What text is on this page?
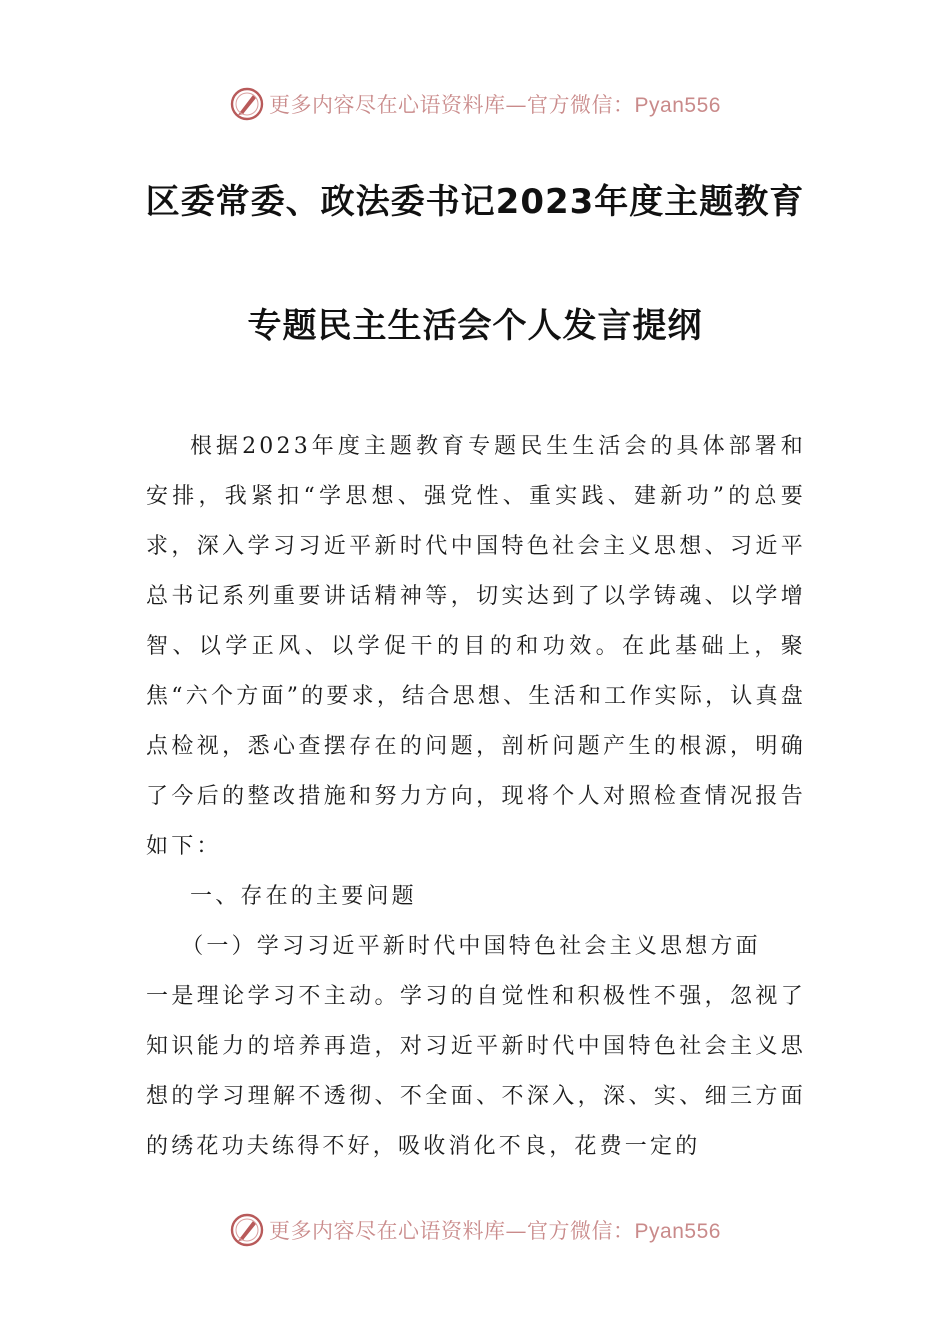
更多内容尽在心语资料库—官方微信：Pyan556
区委常委、政法委书记2023年度主题教育
专题民主生活会个人发言提纲

根据2023年度主题教育专题民生生活会的具体部署和安排，我紧扣“学思想、强党性、重实践、建新功”的总要求，深入学习习近平新时代中国特色社会主义思想、习近平总书记系列重要讲话精神等，切实达到了以学铸魂、以学增智、以学正风、以学促干的目的和功效。在此基础上，聚焦“六个方面”的要求，结合思想、生活和工作实际，认真盘点检视，悉心查摆存在的问题，剖析问题产生的根源，明确了今后的整改措施和努力方向，现将个人对照检查情况报告如下：

一、存在的主要问题

（一）学习习近平新时代中国特色社会主义思想方面

一是理论学习不主动。学习的自觉性和积极性不强，忽视了知识能力的培养再造，对习近平新时代中国特色社会主义思想的学习理解不透彻、不全面、不深入，深、实、细三方面的绣花功夫练得不好，吸收消化不良，花费一定的

更多内容尽在心语资料库—官方微信：Pyan556
